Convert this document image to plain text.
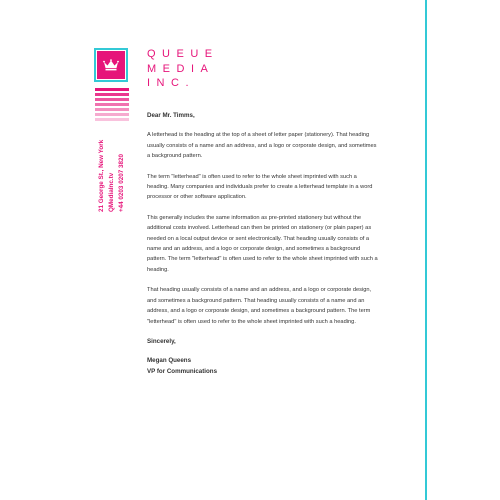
QUEUE
MEDIA
INC.
21 George St., New York QMediaInc.tv +44 0203 0207 3820
Dear Mr. Timms,

A letterhead is the heading at the top of a sheet of letter paper (stationery). That heading usually consists of a name and an address, and a logo or corporate design, and sometimes a background pattern.

The term "letterhead" is often used to refer to the whole sheet imprinted with such a heading. Many companies and individuals prefer to create a letterhead template in a word processor or other software application.

This generally includes the same information as pre-printed stationery but without the additional costs involved. Letterhead can then be printed on stationery (or plain paper) as needed on a local output device or sent electronically. That heading usually consists of a name and an address, and a logo or corporate design, and sometimes a background pattern. The term "letterhead" is often used to refer to the whole sheet imprinted with such a heading.

That heading usually consists of a name and an address, and a logo or corporate design, and sometimes a background pattern. That heading usually consists of a name and an address, and a logo or corporate design, and sometimes a background pattern. The term "letterhead" is often used to refer to the whole sheet imprinted with such a heading.

Sincerely,
Megan Queens
VP for Communications
